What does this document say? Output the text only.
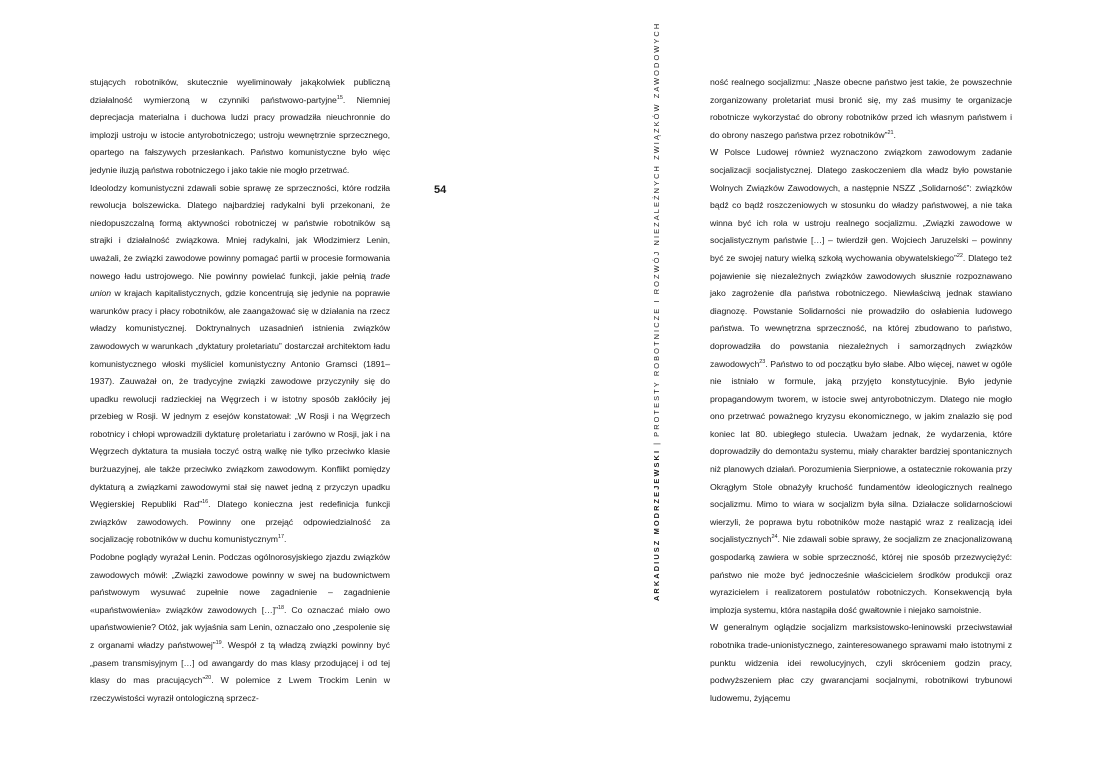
stujących robotników, skutecznie wyeliminowały jakąkolwiek publiczną działalność wymierzoną w czynniki państwowo-partyjne$^{15}$. Niemniej deprecjacja materialna i duchowa ludzi pracy prowadziła nieuchronnie do implozji ustroju w istocie antyrobotniczego; ustroju wewnętrznie sprzecznego, opartego na fałszywych przesłankach. Państwo komunistyczne było więc jedynie iluzją państwa robotniczego i jako takie nie mogło przetrwać.

Ideolodzy komunistyczni zdawali sobie sprawę ze sprzeczności, które rodziła rewolucja bolszewicka. Dlatego najbardziej radykalni byli przekonani, że niedopuszczalną formą aktywności robotniczej w państwie robotników są strajki i działalność związkowa. Mniej radykalni, jak Włodzimierz Lenin, uważali, że związki zawodowe powinny pomagać partii w procesie formowania nowego ładu ustrojowego. Nie powinny powielać funkcji, jakie pełnią trade union w krajach kapitalistycznych, gdzie koncentrują się jedynie na poprawie warunków pracy i płacy robotników, ale zaangażować się w działania na rzecz władzy komunistycznej. Doktrynalnych uzasadnień istnienia związków zawodowych w warunkach „dyktatury proletariatu” dostarczał architektom ładu komunistycznego włoski myśliciel komunistyczny Antonio Gramsci (1891–1937). Zauważał on, że tradycyjne związki zawodowe przyczyniły się do upadku rewolucji radzieckiej na Węgrzech i w istotny sposób zakłóciły jej przebieg w Rosji. W jednym z esejów konstatował: „W Rosji i na Węgrzech robotnicy i chłopi wprowadzili dyktaturę proletariatu i zarówno w Rosji, jak i na Węgrzech dyktatura ta musiała toczyć ostrą walkę nie tylko przeciwko klasie burżuazyjnej, ale także przeciwko związkom zawodowym. Konflikt pomiędzy dyktaturą a związkami zawodowymi stał się nawet jedną z przyczyn upadku Węgierskiej Republiki Rad”$^{16}$. Dlatego konieczna jest redefinicja funkcji związków zawodowych. Powinny one przejąć odpowiedzialność za socjalizację robotników w duchu komunistycznym$^{17}$.

Podobne poglądy wyrażał Lenin. Podczas ogólnorosyjskiego zjazdu związków zawodowych mówił: „Związki zawodowe powinny w swej na budownictwem państwowym wysuwać zupełnie nowe zagadnienie – zagadnienie «upaństwowienia» związków zawodowych […]”$^{18}$. Co oznaczać miało owo upaństwowienie? Otóż, jak wyjaśnia sam Lenin, oznaczało ono „zespolenie się z organami władzy państwowej”$^{19}$. Wespół z tą władzą związki powinny być „pasem transmisyjnym […] od awangardy do mas klasy przodującej i od tej klasy do mas pracujących”$^{20}$. W polemice z Lwem Trockim Lenin w rzeczywistości wyraził ontologiczną sprzecz-

54
ARKADIUSZ MODRZEJEWSKI|PROTESTY ROBOTNICZE I ROZWÓJ NIEZALEŻNYCH ZWIĄZKÓW ZAWODOWYCH	ność realnego socjalizmu: „Nasze obecne państwo jest takie, że powszechnie zorganizowany proletariat musi bronić się, my zaś musimy te organizacje robotnicze wykorzystać do obrony robotników przed ich własnym państwem i do obrony naszego państwa przez robotników”$^{21}$.

W Polsce Ludowej również wyznaczono związkom zawodowym zadanie socjalizacji socjalistycznej. Dlatego zaskoczeniem dla władz było powstanie Wolnych Związków Zawodowych, a następnie NSZZ „Solidarność”: związków bądź co bądź roszczeniowych w stosunku do władzy państwowej, a nie taka winna być ich rola w ustroju realnego socjalizmu. „Związki zawodowe w socjalistycznym państwie […] – twierdził gen. Wojciech Jaruzelski – powinny być ze swojej natury wielką szkołą wychowania obywatelskiego”$^{22}$. Dlatego też pojawienie się niezależnych związków zawodowych słusznie rozpoznawano jako zagrożenie dla państwa robotniczego. Niewłaściwą jednak stawiano diagnozę. Powstanie Solidarności nie prowadziło do osłabienia ludowego państwa. To wewnętrzna sprzeczność, na której zbudowano to państwo, doprowadziła do powstania niezależnych i samorządnych związków zawodowych$^{23}$. Państwo to od początku było słabe. Albo więcej, nawet w ogóle nie istniało w formule, jaką przyjęto konstytucyjnie. Było jedynie propagandowym tworem, w istocie swej antyrobotniczym. Dlatego nie mogło ono przetrwać poważnego kryzysu ekonomicznego, w jakim znalazło się pod koniec lat 80. ubiegłego stulecia. Uważam jednak, że wydarzenia, które doprowadziły do demontażu systemu, miały charakter bardziej spontanicznych niż planowych działań. Porozumienia Sierpniowe, a ostatecznie rokowania przy Okrągłym Stole obnażyły kruchość fundamentów ideologicznych realnego socjalizmu. Mimo to wiara w socjalizm była silna. Działacze solidarnościowi wierzyli, że poprawa bytu robotników może nastąpić wraz z realizacją idei socjalistycznych$^{24}$. Nie zdawali sobie sprawy, że socjalizm ze znacjonalizowaną gospodarką zawiera w sobie sprzeczność, której nie sposób przezwyciężyć: państwo nie może być jednocześnie właścicielem środków produkcji oraz wyrazicielem i realizatorem postulatów robotniczych. Konsekwencją była implozja systemu, która nastąpiła dość gwałtownie i niejako samoistnie.

W generalnym oglądzie socjalizm marksistowsko-leninowski przeciwstawiał robotnika trade-unionistycznego, zainteresowanego sprawami mało istotnymi z punktu widzenia idei rewolucyjnych, czyli skróceniem godzin pracy, podwyższeniem płac czy gwarancjami socjalnymi, robotnikowi trybunowi ludowemu, żyjącemu
